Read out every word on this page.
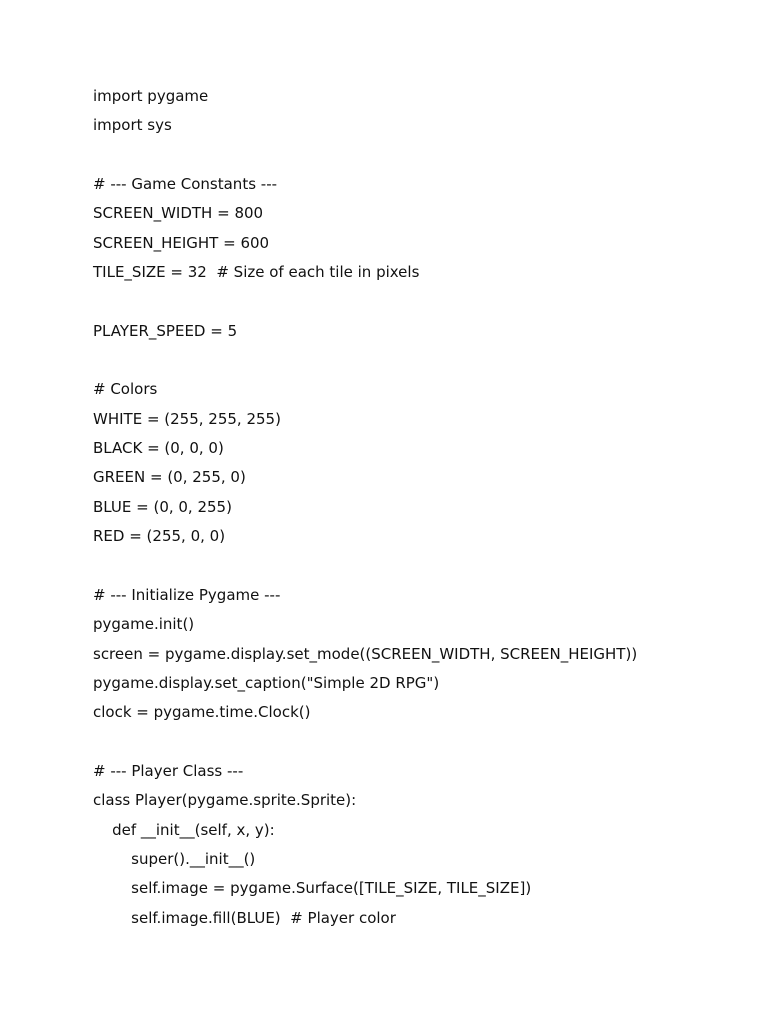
import pygame
import sys
# --- Game Constants ---
SCREEN_WIDTH = 800
SCREEN_HEIGHT = 600
TILE_SIZE = 32  # Size of each tile in pixels
PLAYER_SPEED = 5
# Colors
WHITE = (255, 255, 255)
BLACK = (0, 0, 0)
GREEN = (0, 255, 0)
BLUE = (0, 0, 255)
RED = (255, 0, 0)
# --- Initialize Pygame ---
pygame.init()
screen = pygame.display.set_mode((SCREEN_WIDTH, SCREEN_HEIGHT))
pygame.display.set_caption("Simple 2D RPG")
clock = pygame.time.Clock()
# --- Player Class ---
class Player(pygame.sprite.Sprite):
def __init__(self, x, y):
super().__init__()
self.image = pygame.Surface([TILE_SIZE, TILE_SIZE])
self.image.fill(BLUE)  # Player color
